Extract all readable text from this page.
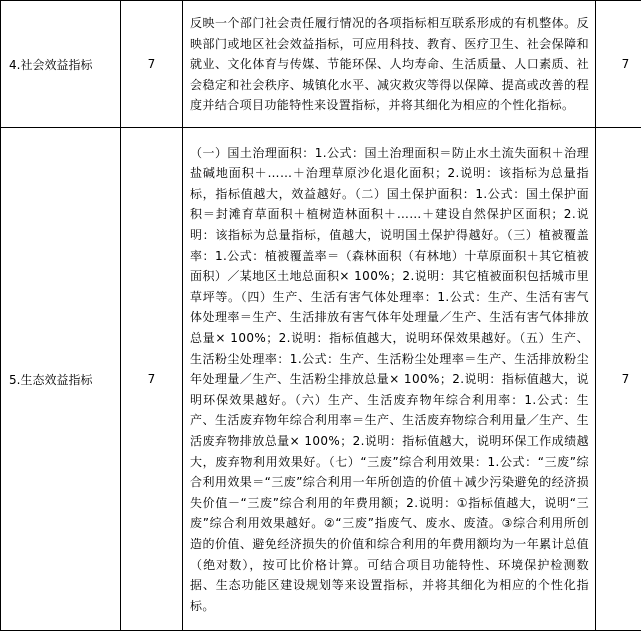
4.社会效益指标	7	反映一个部门社会责任履行情况的各项指标相互联系形成的有机整体。反映部门或地区社会效益指标，可应用科技、教育、医疗卫生、社会保障和就业、文化体育与传媒、节能环保、人均寿命、生活质量、人口素质、社会稳定和社会秩序、城镇化水平、减灾救灾等得以保障、提高或改善的程度并结合项目功能特性来设置指标，并将其细化为相应的个性化指标。	7
5.生态效益指标	7	（一）国土治理面积：1.公式：国土治理面积＝防止水土流失面积＋治理盐碱地面积＋……＋治理草原沙化退化面积；2.说明：该指标为总量指标，指标值越大，效益越好。（二）国土保护面积：1.公式：国土保护面积＝封滩育草面积＋植树造林面积＋……＋建设自然保护区面积；2.说明：该指标为总量指标，值越大，说明国土保护得越好。（三）植被覆盖率：1.公式：植被覆盖率＝（森林面积（有林地）十草原面积＋其它植被面积）／某地区土地总面积× 100%；2.说明：其它植被面积包括城市里草坪等。（四）生产、生活有害气体处理率：1.公式：生产、生活有害气体处理率＝生产、生活排放有害气体年处理量／生产、生活有害气体排放总量× 100%；2.说明：指标值越大，说明环保效果越好。（五）生产、生活粉尘处理率：1.公式：生产、生活粉尘处理率＝生产、生活排放粉尘年处理量／生产、生活粉尘排放总量× 100%；2.说明：指标值越大，说明环保效果越好。（六）生产、生活废弃物年综合利用率：1.公式：生产、生活废弃物年综合利用率＝生产、生活废弃物综合利用量／生产、生活废弃物排放总量× 100%；2.说明：指标值越大，说明环保工作成绩越大，废弃物利用效果好。（七）“三废”综合利用效果：1.公式：“三废”综合利用效果＝“三废”综合利用一年所创造的价值＋减少污染避免的经济损失价值－“三废”综合利用的年费用额；2.说明：①指标值越大，说明“三废”综合利用效果越好。②“三废”指废气、废水、废渣。③综合利用所创造的价值、避免经济损失的价值和综合利用的年费用额均为一年累计总值（绝对数），按可比价格计算。可结合项目功能特性、环境保护检测数据、生态功能区建设规划等来设置指标，并将其细化为相应的个性化指标。	7
